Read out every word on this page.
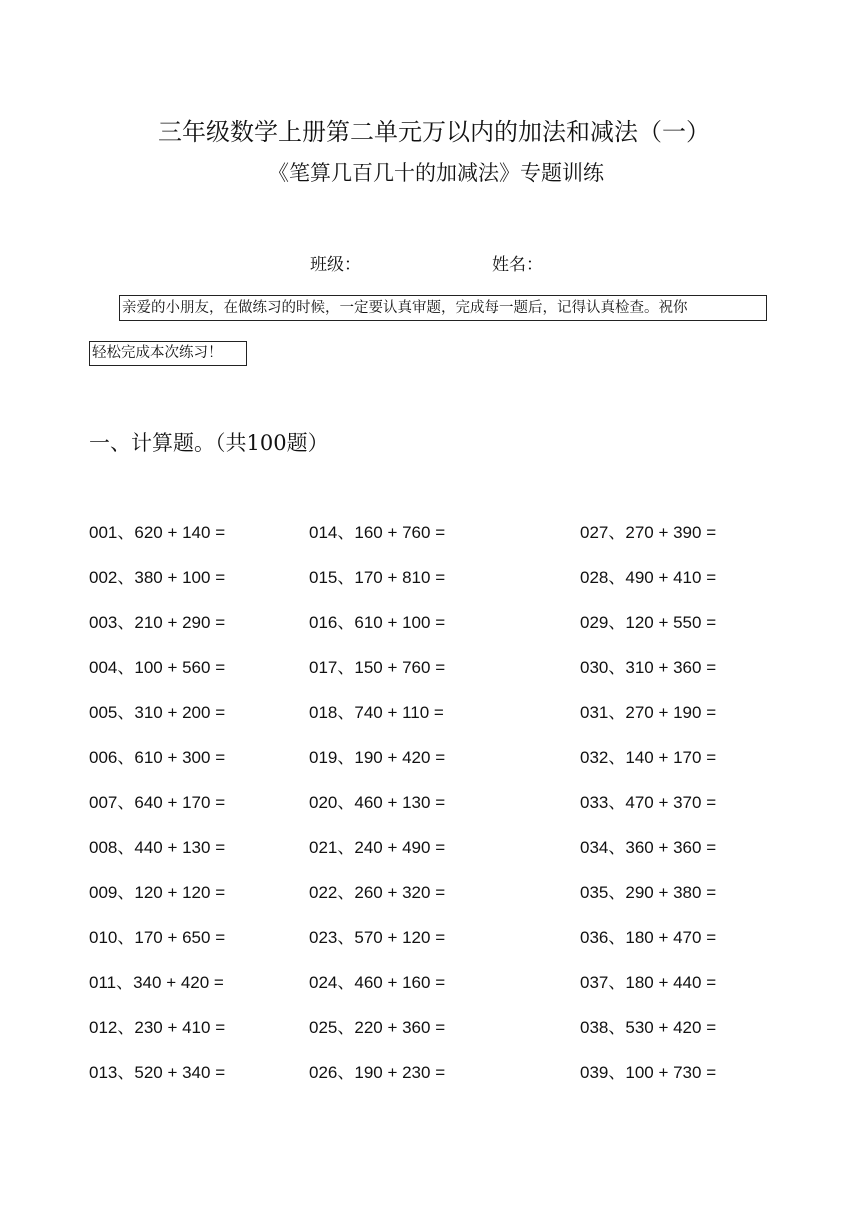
三年级数学上册第二单元万以内的加法和减法（一）
《笔算几百几十的加减法》专题训练
班级：	姓名：
亲爱的小朋友，在做练习的时候，一定要认真审题，完成每一题后，记得认真检查。祝你
轻松完成本次练习！
一、计算题。（共100题）
001、620 + 140 =
002、380 + 100 =
003、210 + 290 =
004、100 + 560 =
005、310 + 200 =
006、610 + 300 =
007、640 + 170 =
008、440 + 130 =
009、120 + 120 =
010、170 + 650 =
011、340 + 420 =
012、230 + 410 =
013、520 + 340 =
014、160 + 760 =
015、170 + 810 =
016、610 + 100 =
017、150 + 760 =
018、740 + 110 =
019、190 + 420 =
020、460 + 130 =
021、240 + 490 =
022、260 + 320 =
023、570 + 120 =
024、460 + 160 =
025、220 + 360 =
026、190 + 230 =
027、270 + 390 =
028、490 + 410 =
029、120 + 550 =
030、310 + 360 =
031、270 + 190 =
032、140 + 170 =
033、470 + 370 =
034、360 + 360 =
035、290 + 380 =
036、180 + 470 =
037、180 + 440 =
038、530 + 420 =
039、100 + 730 =
